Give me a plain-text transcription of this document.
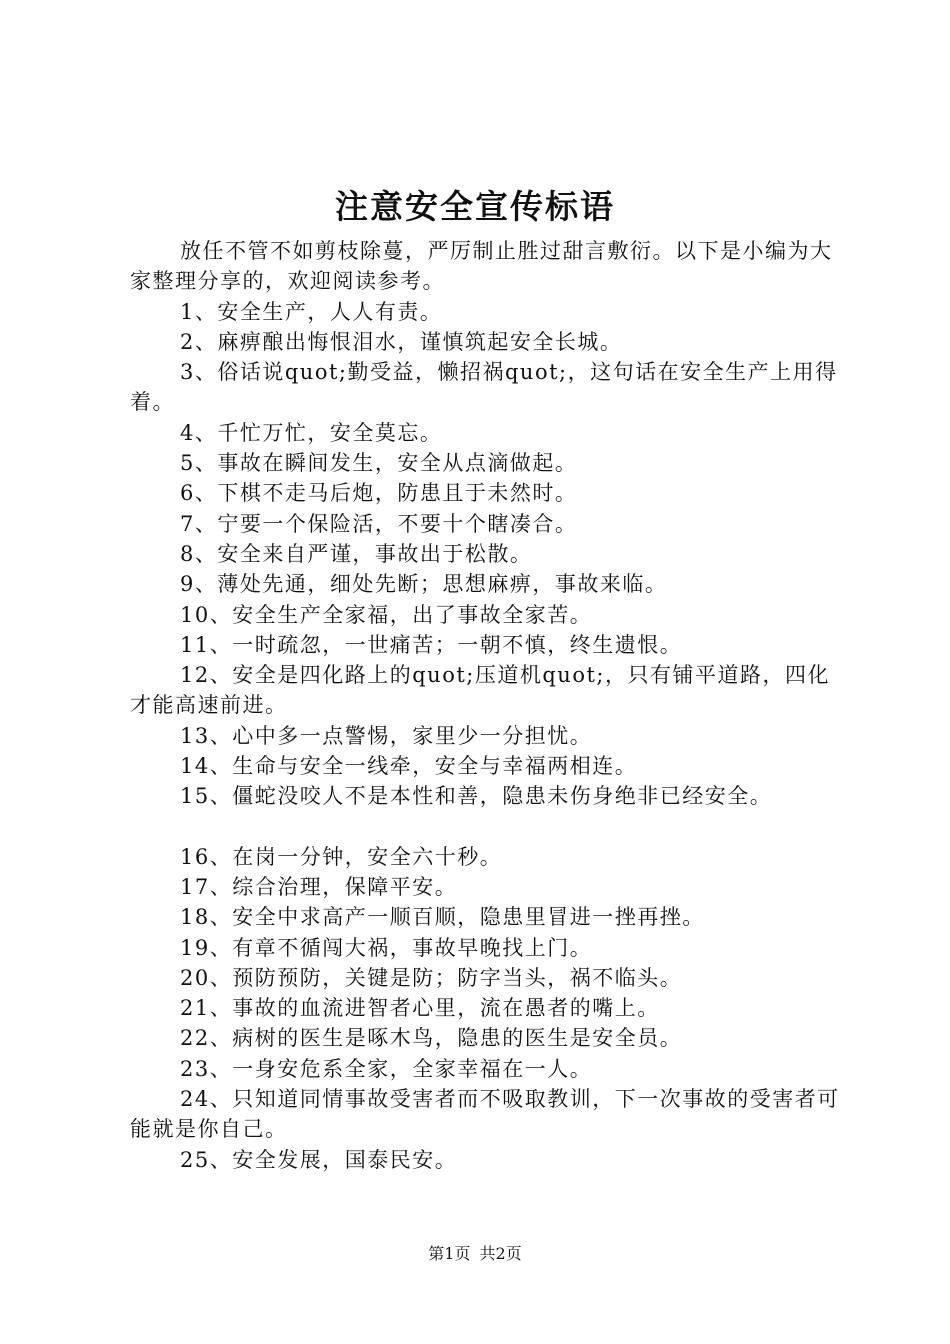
注意安全宣传标语

放任不管不如剪枝除蔓，严厉制止胜过甜言敷衍。以下是小编为大家整理分享的，欢迎阅读参考。

1、安全生产，人人有责。

2、麻痹酿出悔恨泪水，谨慎筑起安全长城。

3、俗话说quot;勤受益，懒招祸quot;，这句话在安全生产上用得着。

4、千忙万忙，安全莫忘。

5、事故在瞬间发生，安全从点滴做起。

6、下棋不走马后炮，防患且于未然时。

7、宁要一个保险活，不要十个瞎凑合。

8、安全来自严谨，事故出于松散。

9、薄处先通，细处先断；思想麻痹，事故来临。

10、安全生产全家福，出了事故全家苦。

11、一时疏忽，一世痛苦；一朝不慎，终生遗恨。

12、安全是四化路上的quot;压道机quot;，只有铺平道路，四化才能高速前进。

13、心中多一点警惕，家里少一分担忧。

14、生命与安全一线牵，安全与幸福两相连。

15、僵蛇没咬人不是本性和善，隐患未伤身绝非已经安全。

16、在岗一分钟，安全六十秒。

17、综合治理，保障平安。

18、安全中求高产一顺百顺，隐患里冒进一挫再挫。

19、有章不循闯大祸，事故早晚找上门。

20、预防预防，关键是防；防字当头，祸不临头。

21、事故的血流进智者心里，流在愚者的嘴上。

22、病树的医生是啄木鸟，隐患的医生是安全员。

23、一身安危系全家，全家幸福在一人。

24、只知道同情事故受害者而不吸取教训，下一次事故的受害者可能就是你自己。

25、安全发展，国泰民安。

第1页 共2页
